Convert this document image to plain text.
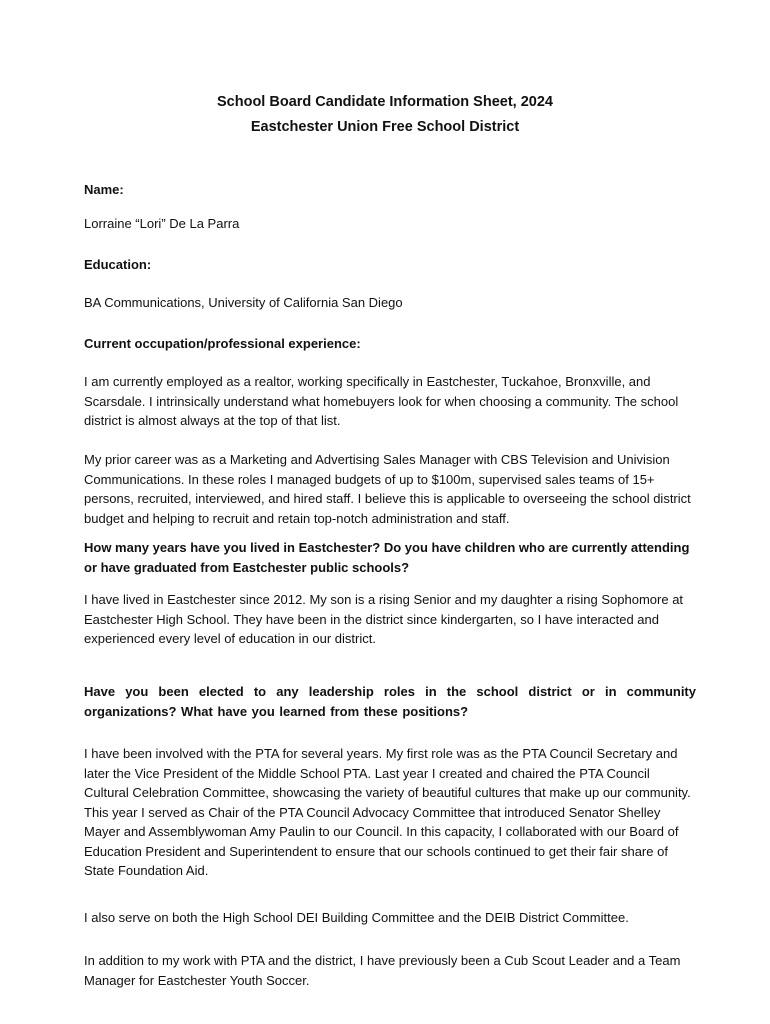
School Board Candidate Information Sheet, 2024

Eastchester Union Free School District

Name:

Lorraine “Lori” De La Parra

Education:

BA Communications, University of California San Diego

Current occupation/professional experience:

I am currently employed as a realtor, working specifically in Eastchester, Tuckahoe, Bronxville, and Scarsdale. I intrinsically understand what homebuyers look for when choosing a community. The school district is almost always at the top of that list.

My prior career was as a Marketing and Advertising Sales Manager with CBS Television and Univision Communications. In these roles I managed budgets of up to $100m, supervised sales teams of 15+ persons, recruited, interviewed, and hired staff. I believe this is applicable to overseeing the school district budget and helping to recruit and retain top-notch administration and staff.

How many years have you lived in Eastchester? Do you have children who are currently attending or have graduated from Eastchester public schools?

I have lived in Eastchester since 2012. My son is a rising Senior and my daughter a rising Sophomore at Eastchester High School. They have been in the district since kindergarten, so I have interacted and experienced every level of education in our district.

Have you been elected to any leadership roles in the school district or in community organizations? What have you learned from these positions?

I have been involved with the PTA for several years. My first role was as the PTA Council Secretary and later the Vice President of the Middle School PTA. Last year I created and chaired the PTA Council Cultural Celebration Committee, showcasing the variety of beautiful cultures that make up our community. This year I served as Chair of the PTA Council Advocacy Committee that introduced Senator Shelley Mayer and Assemblywoman Amy Paulin to our Council. In this capacity, I collaborated with our Board of Education President and Superintendent to ensure that our schools continued to get their fair share of State Foundation Aid.

I also serve on both the High School DEI Building Committee and the DEIB District Committee.

In addition to my work with PTA and the district, I have previously been a Cub Scout Leader and a Team Manager for Eastchester Youth Soccer.
